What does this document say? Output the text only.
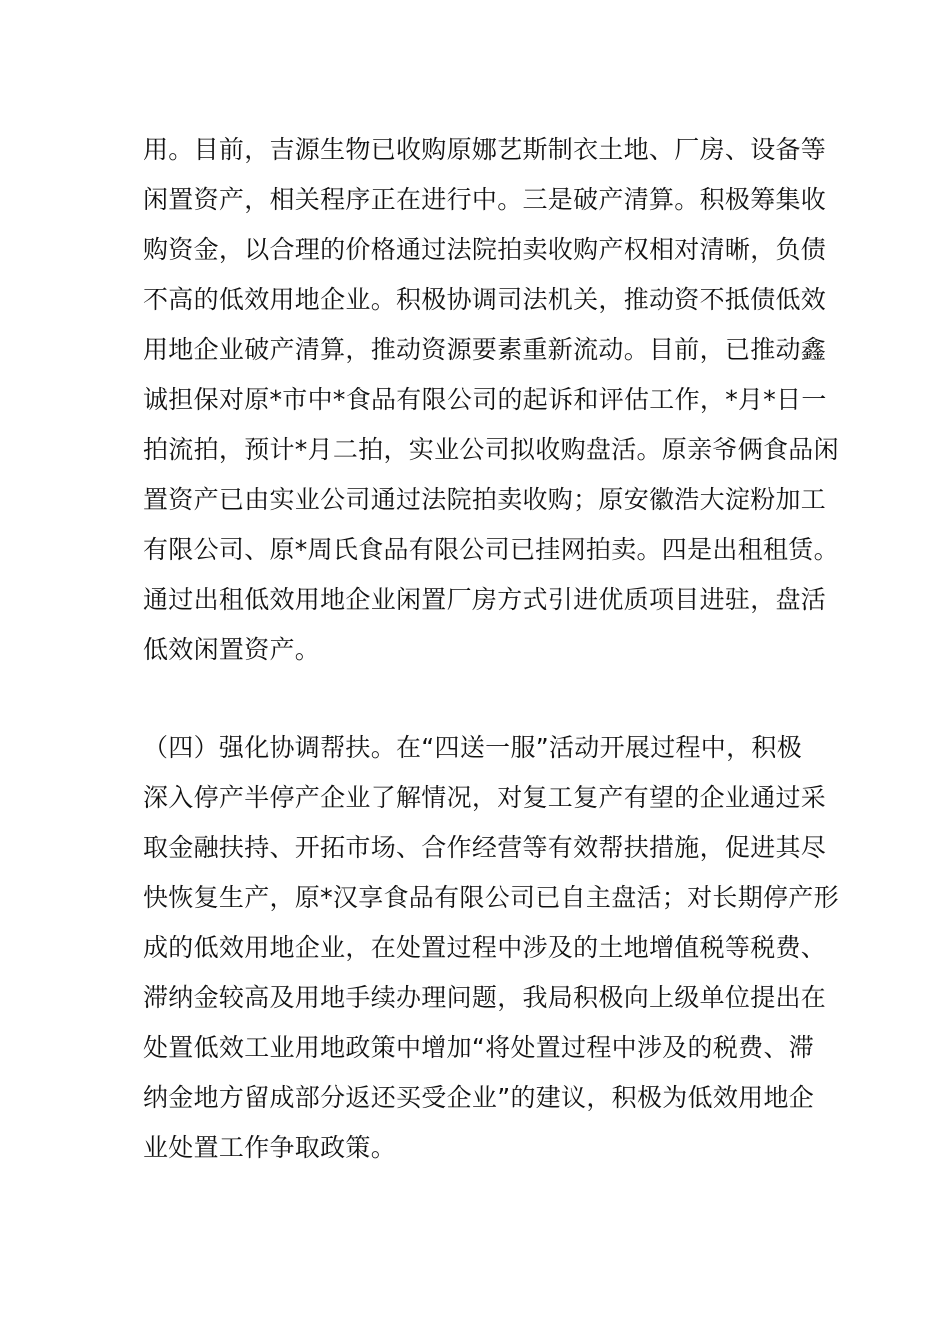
用。目前，吉源生物已收购原娜艺斯制衣土地、厂房、设备等
闲置资产，相关程序正在进行中。三是破产清算。积极筹集收
购资金，以合理的价格通过法院拍卖收购产权相对清晰，负债
不高的低效用地企业。积极协调司法机关，推动资不抵债低效
用地企业破产清算，推动资源要素重新流动。目前，已推动鑫
诚担保对原*市中*食品有限公司的起诉和评估工作，*月*日一
拍流拍，预计*月二拍，实业公司拟收购盘活。原亲爷俩食品闲
置资产已由实业公司通过法院拍卖收购；原安徽浩大淀粉加工
有限公司、原*周氏食品有限公司已挂网拍卖。四是出租租赁。
通过出租低效用地企业闲置厂房方式引进优质项目进驻，盘活
低效闲置资产。
（四）强化协调帮扶。在“四送一服”活动开展过程中，积极
深入停产半停产企业了解情况，对复工复产有望的企业通过采
取金融扶持、开拓市场、合作经营等有效帮扶措施，促进其尽
快恢复生产，原*汉享食品有限公司已自主盘活；对长期停产形
成的低效用地企业，在处置过程中涉及的土地增值税等税费、
滞纳金较高及用地手续办理问题，我局积极向上级单位提出在
处置低效工业用地政策中增加“将处置过程中涉及的税费、滞
纳金地方留成部分返还买受企业”的建议，积极为低效用地企
业处置工作争取政策。
